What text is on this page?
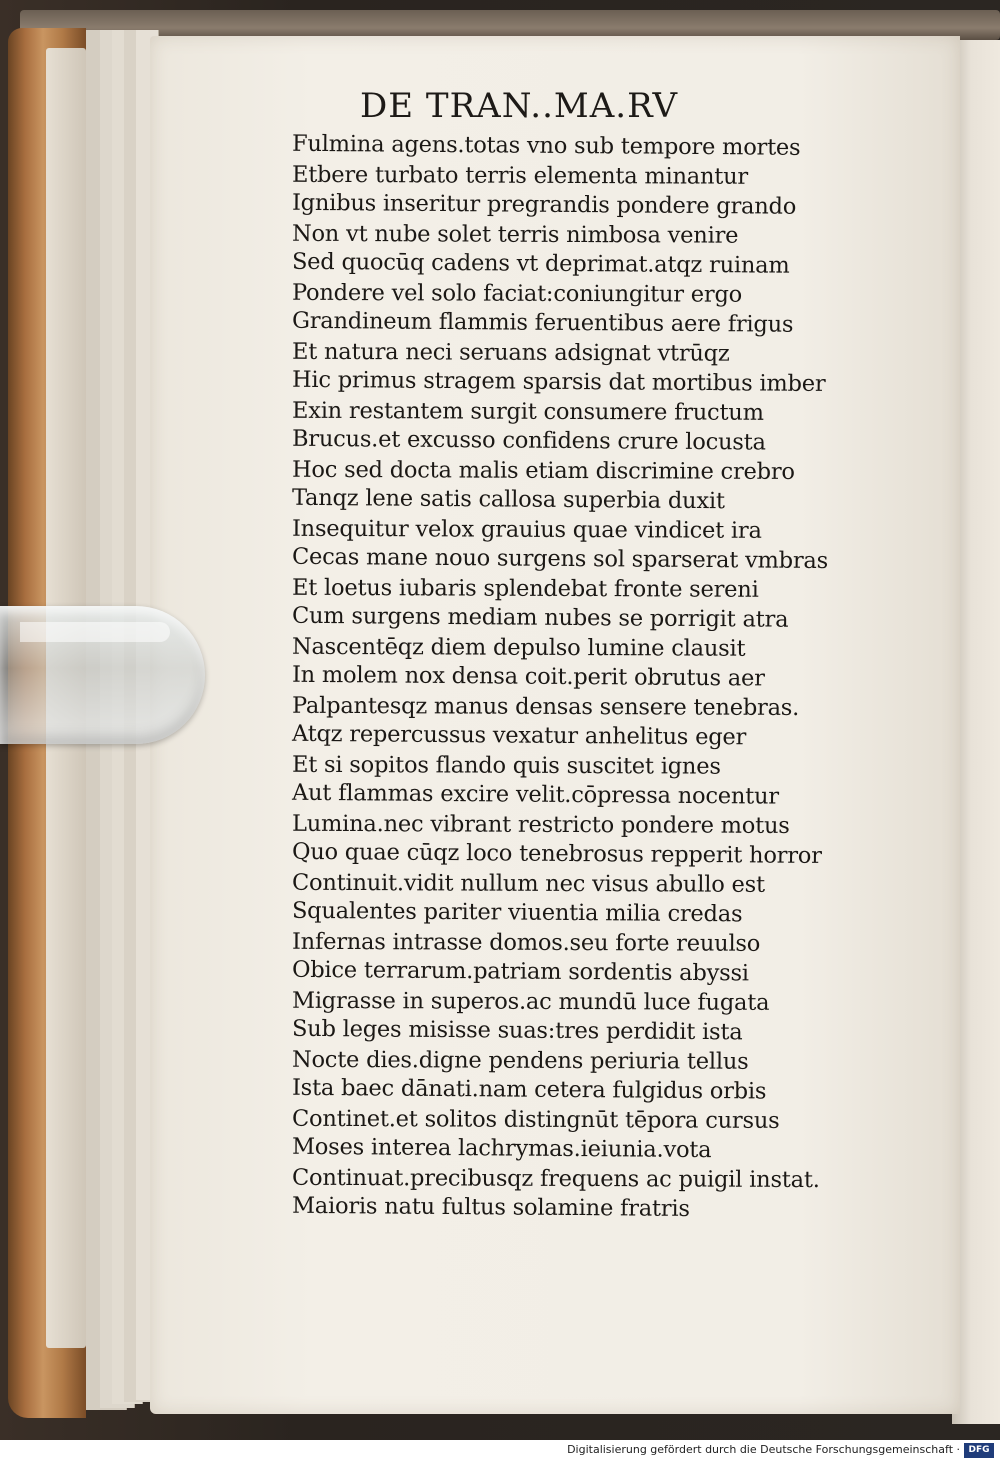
DE TRAN..MA.RV
Fulmina agens.totas vno sub tempore mortes
Etbere turbato terris elementa minantur
Ignibus inseritur pregrandis pondere grando
Non vt nube solet terris nimbosa venire
Sed quocūq cadens vt deprimat.atqz ruinam
Pondere vel solo faciat:coniungitur ergo
Grandineum flammis feruentibus aere frigus
Et natura neci seruans adsignat vtrūqz
Hic primus stragem sparsis dat mortibus imber
Exin restantem surgit consumere fructum
Brucus.et excusso confidens crure locusta
Hoc sed docta malis etiam discrimine crebro
Tanqz lene satis callosa superbia duxit
Insequitur velox grauius quae vindicet ira
Cecas mane nouo surgens sol sparserat vmbras
Et loetus iubaris splendebat fronte sereni
Cum surgens mediam nubes se porrigit atra
Nascentēqz diem depulso lumine clausit
In molem nox densa coit.perit obrutus aer
Palpantesqz manus densas sensere tenebras.
Atqz repercussus vexatur anhelitus eger
Et si sopitos flando quis suscitet ignes
Aut flammas excire velit.cōpressa nocentur
Lumina.nec vibrant restricto pondere motus
Quo quae cūqz loco tenebrosus repperit horror
Continuit.vidit nullum nec visus abullo est
Squalentes pariter viuentia milia credas
Infernas intrasse domos.seu forte reuulso
Obice terrarum.patriam sordentis abyssi
Migrasse in superos.ac mundū luce fugata
Sub leges misisse suas:tres perdidit ista
Nocte dies.digne pendens periuria tellus
Ista baec dānati.nam cetera fulgidus orbis
Continet.et solitos distingnūt tēpora cursus
Moses interea lachrymas.ieiunia.vota
Continuat.precibusqz frequens ac puigil instat.
Maioris natu fultus solamine fratris
Digitalisierung gefördert durch die Deutsche Forschungsgemeinschaft · DFG
